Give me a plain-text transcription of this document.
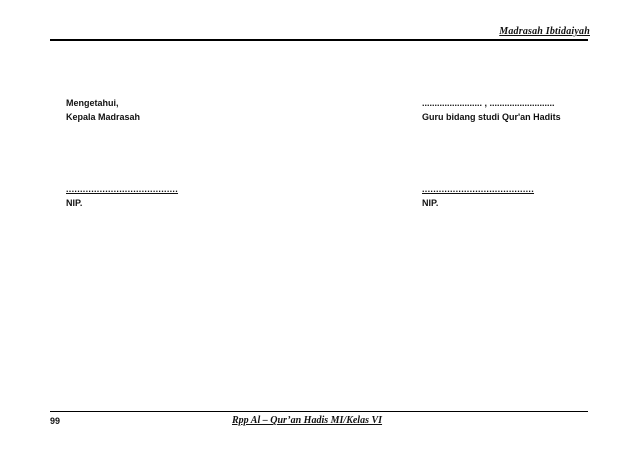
Madrasah Ibtidaiyah
Mengetahui,
Kepala Madrasah
........................ , ..........................
Guru bidang studi Qur'an Hadits
........................................
NIP.
........................................
NIP.
99	Rpp Al – Qur’an Hadis MI/Kelas VI
